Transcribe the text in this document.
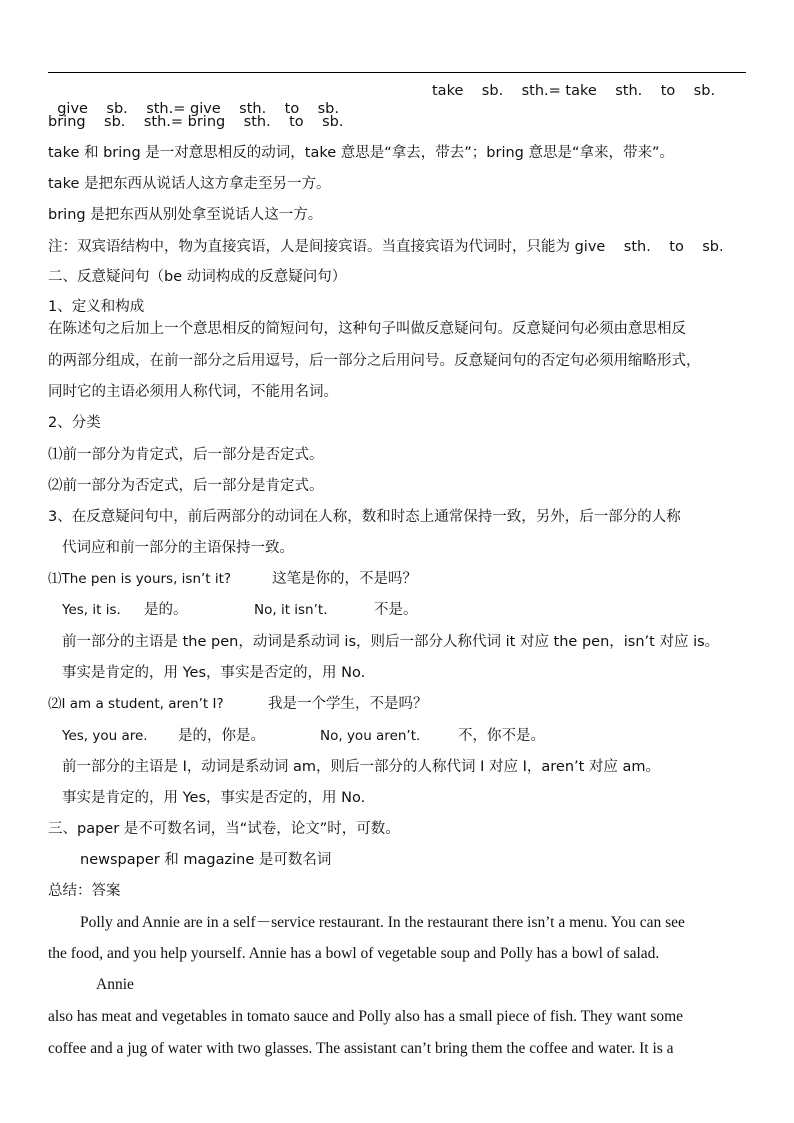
give    sb.    sth.= give    sth.    to    sb.

take    sb.    sth.= take    sth.    to    sb.
bring    sb.    sth.= bring    sth.    to    sb.
take 和 bring 是一对意思相反的动词，take 意思是“拿去，带去”；bring 意思是“拿来，带来”。
take 是把东西从说话人这方拿走至另一方。
bring 是把东西从别处拿至说话人这一方。
注：双宾语结构中，物为直接宾语，人是间接宾语。当直接宾语为代词时，只能为 give    sth.    to    sb.
二、反意疑问句（be 动词构成的反意疑问句）
1、定义和构成
在陈述句之后加上一个意思相反的简短问句，这种句子叫做反意疑问句。反意疑问句必须由意思相反
的两部分组成，在前一部分之后用逗号，后一部分之后用问号。反意疑问句的否定句必须用缩略形式，
同时它的主语必须用人称代词，不能用名词。
2、分类
⑴前一部分为肯定式，后一部分是否定式。
⑵前一部分为否定式，后一部分是肯定式。
3、在反意疑问句中，前后两部分的动词在人称，数和时态上通常保持一致，另外，后一部分的人称
代词应和前一部分的主语保持一致。
⑴The pen is yours, isn’t it?	这笔是你的，不是吗？
Yes, it is. 是的。	No, it isn’t.	不是。
前一部分的主语是 the pen，动词是系动词 is，则后一部分人称代词 it 对应 the pen，isn’t 对应 is。
事实是肯定的，用 Yes，事实是否定的，用 No.
⑵I am a student, aren’t I?	我是一个学生，不是吗？
Yes, you are. 是的，你是。	No, you aren’t.	不，你不是。
前一部分的主语是 I，动词是系动词 am，则后一部分的人称代词 I 对应 I，aren’t 对应 am。
事实是肯定的，用 Yes，事实是否定的，用 No.
三、paper 是不可数名词，当“试卷，论文”时，可数。
newspaper 和 magazine 是可数名词
总结：答案
Polly and Annie are in a self－service restaurant. In the restaurant there isn’t a menu. You can see
the food, and you help yourself. Annie has a bowl of vegetable soup and Polly has a bowl of salad.
Annie
also has meat and vegetables in tomato sauce and Polly also has a small piece of fish. They want some
coffee and a jug of water with two glasses. The assistant can’t bring them the coffee and water. It is a
